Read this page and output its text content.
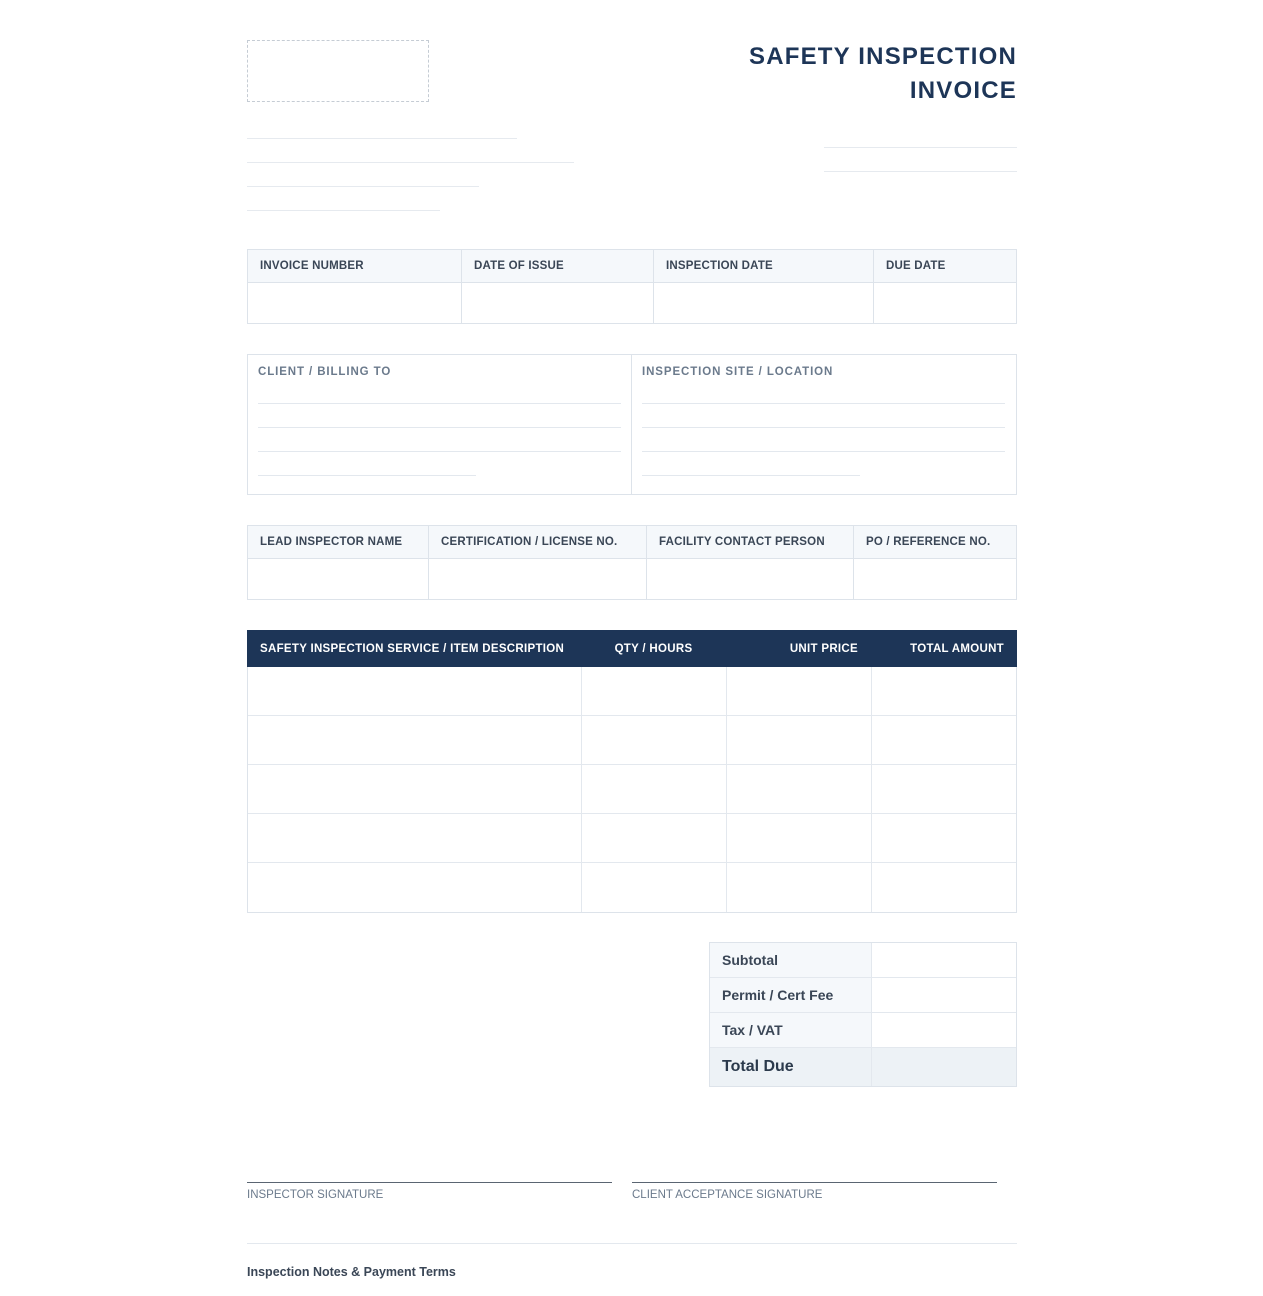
SAFETY INSPECTION
INVOICE
INVOICE NUMBER	DATE OF ISSUE	INSPECTION DATE	DUE DATE
CLIENT / BILLING TO	INSPECTION SITE / LOCATION
LEAD INSPECTOR NAME	CERTIFICATION / LICENSE NO.	FACILITY CONTACT PERSON	PO / REFERENCE NO.
SAFETY INSPECTION SERVICE / ITEM DESCRIPTION	QTY / HOURS	UNIT PRICE	TOTAL AMOUNT
Subtotal
Permit / Cert Fee
Tax / VAT
Total Due
INSPECTOR SIGNATURE	CLIENT ACCEPTANCE SIGNATURE
Inspection Notes & Payment Terms
